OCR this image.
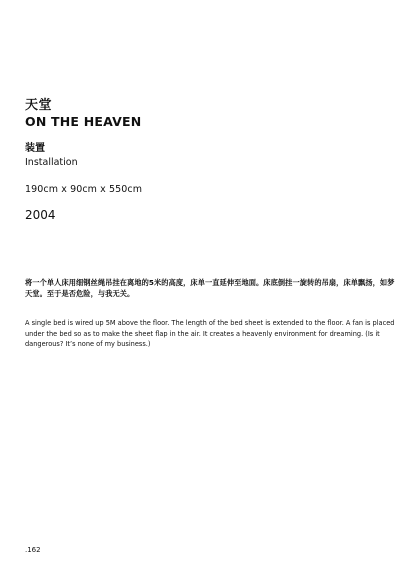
天堂
ON THE HEAVEN
装置
Installation
190cm x 90cm x 550cm
2004
将一个单人床用细钢丝绳吊挂在离地的5米的高度，床单一直延伸至地面。床底倒挂一旋转的吊扇，床单飘扬，如梦天堂。至于是否危险，与我无关。
A single bed is wired up 5M above the floor. The length of the bed sheet is extended to the floor. A fan is placed under the bed so as to make the sheet flap in the air. It creates a heavenly environment for dreaming. (Is it dangerous? It’s none of my business.)
.162
